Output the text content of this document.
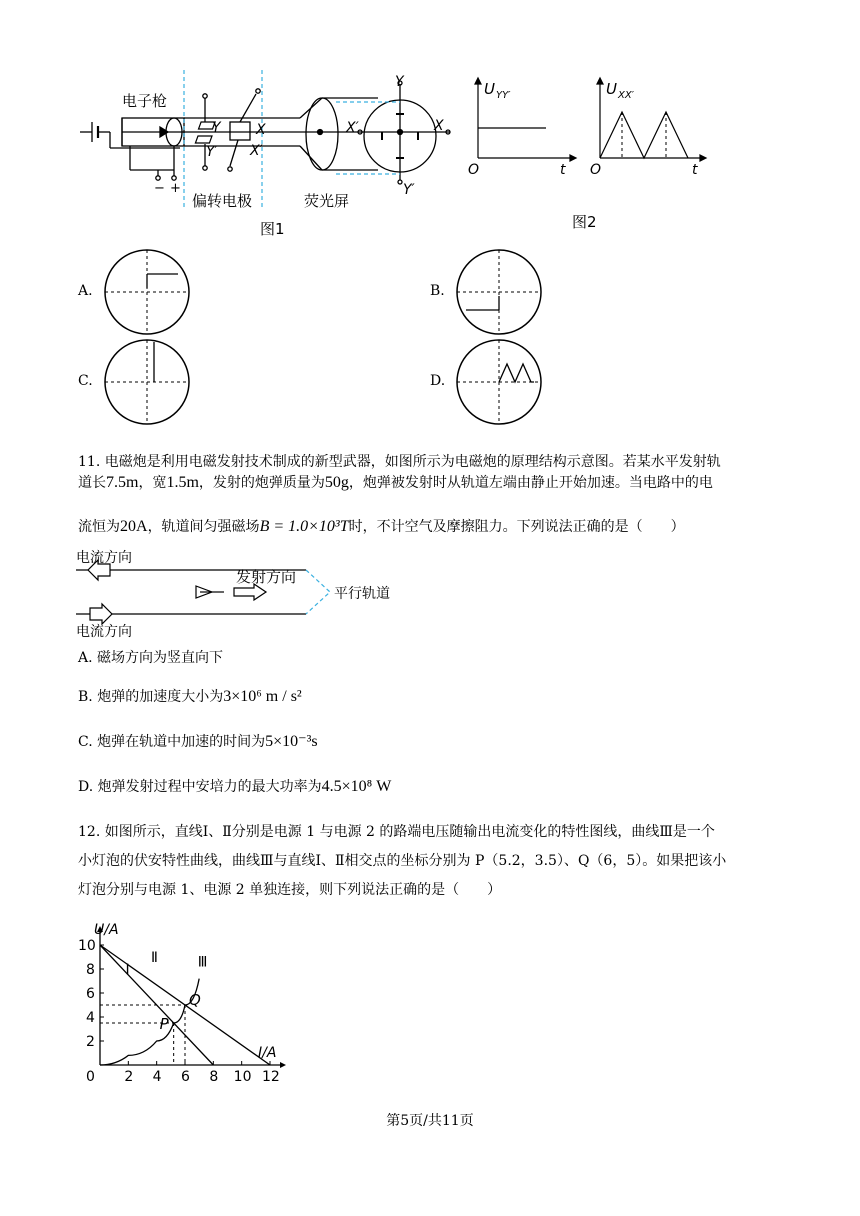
电子枪
Y
Y′
X
X′
Y
Y′
X′	X
− +
偏转电极	荧光屏
图1
U YY′
O	t
U XX′
O	t
图2
A.	B.
C.	D.
11. 电磁炮是利用电磁发射技术制成的新型武器，如图所示为电磁炮的原理结构示意图。若某水平发射轨
道长7.5m，宽1.5m，发射的炮弹质量为50g，炮弹被发射时从轨道左端由静止开始加速。当电路中的电
流恒为20A，轨道间匀强磁场B = 1.0×10³T时，不计空气及摩擦阻力。下列说法正确的是（　　）
电流方向
电流方向
发射方向
平行轨道
A. 磁场方向为竖直向下
B. 炮弹的加速度大小为3×10⁶ m / s²
C. 炮弹在轨道中加速的时间为5×10⁻³s
D. 炮弹发射过程中安培力的最大功率为4.5×10⁸ W
12. 如图所示，直线Ⅰ、Ⅱ分别是电源 1 与电源 2 的路端电压随输出电流变化的特性图线，曲线Ⅲ是一个
小灯泡的伏安特性曲线，曲线Ⅲ与直线Ⅰ、Ⅱ相交点的坐标分别为 P（5.2，3.5）、Q（6，5）。如果把该小
灯泡分别与电源 1、电源 2 单独连接，则下列说法正确的是（　　）
0 2 4 6 8 10 12
2
4
6
8
10
U/A
I/A
Ⅰ
Ⅱ	Ⅲ
P
Q
第5页/共11页
